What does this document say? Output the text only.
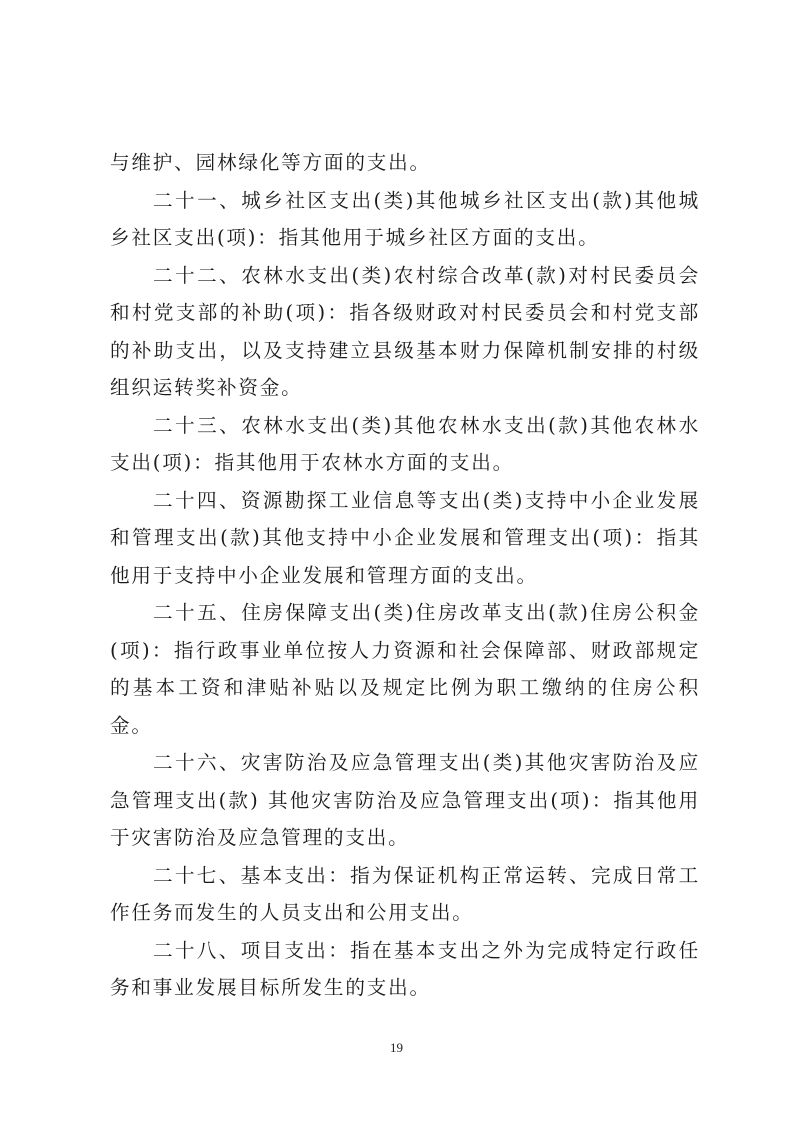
与维护、园林绿化等方面的支出。

二十一、城乡社区支出(类)其他城乡社区支出(款)其他城乡社区支出(项)：指其他用于城乡社区方面的支出。

二十二、农林水支出(类)农村综合改革(款)对村民委员会和村党支部的补助(项)：指各级财政对村民委员会和村党支部的补助支出，以及支持建立县级基本财力保障机制安排的村级组织运转奖补资金。

二十三、农林水支出(类)其他农林水支出(款)其他农林水支出(项)：指其他用于农林水方面的支出。

二十四、资源勘探工业信息等支出(类)支持中小企业发展和管理支出(款)其他支持中小企业发展和管理支出(项)：指其他用于支持中小企业发展和管理方面的支出。

二十五、住房保障支出(类)住房改革支出(款)住房公积金(项)：指行政事业单位按人力资源和社会保障部、财政部规定的基本工资和津贴补贴以及规定比例为职工缴纳的住房公积金。

二十六、灾害防治及应急管理支出(类)其他灾害防治及应急管理支出(款) 其他灾害防治及应急管理支出(项)：指其他用于灾害防治及应急管理的支出。

二十七、基本支出：指为保证机构正常运转、完成日常工作任务而发生的人员支出和公用支出。

二十八、项目支出：指在基本支出之外为完成特定行政任务和事业发展目标所发生的支出。

19
